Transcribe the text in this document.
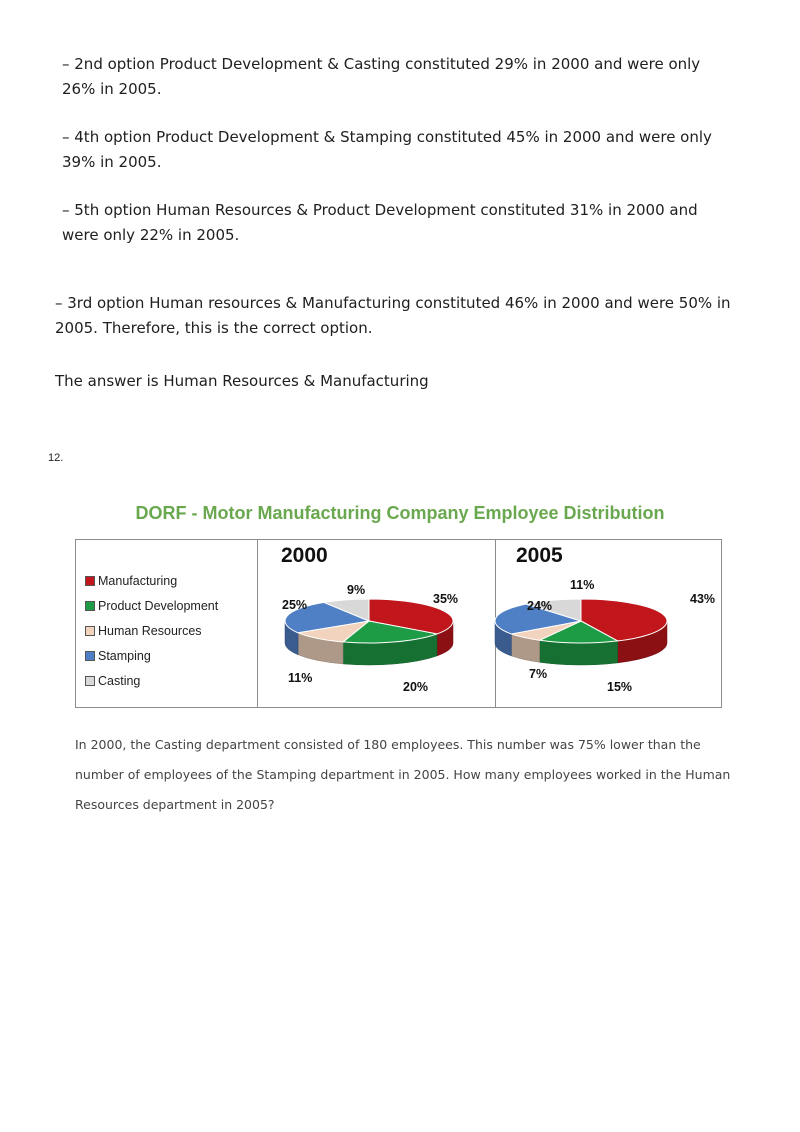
– 2nd option Product Development & Casting constituted 29% in 2000 and were only 26% in 2005.

– 4th option Product Development & Stamping constituted 45% in 2000 and were only 39% in 2005.

– 5th option Human Resources & Product Development constituted 31% in 2000 and were only 22% in 2005.

– 3rd option Human resources & Manufacturing constituted 46% in 2000 and were 50% in 2005. Therefore, this is the correct option.

The answer is Human Resources & Manufacturing

12.
DORF - Motor Manufacturing Company Employee Distribution
Manufacturing
Product Development
Human Resources
Stamping
Casting
2000	2005
35%
20%
11%
25%
9%
43%
15%
7%
24%
11%

In 2000, the Casting department consisted of 180 employees. This number was 75% lower than the number of employees of the Stamping department in 2005. How many employees worked in the Human Resources department in 2005?
